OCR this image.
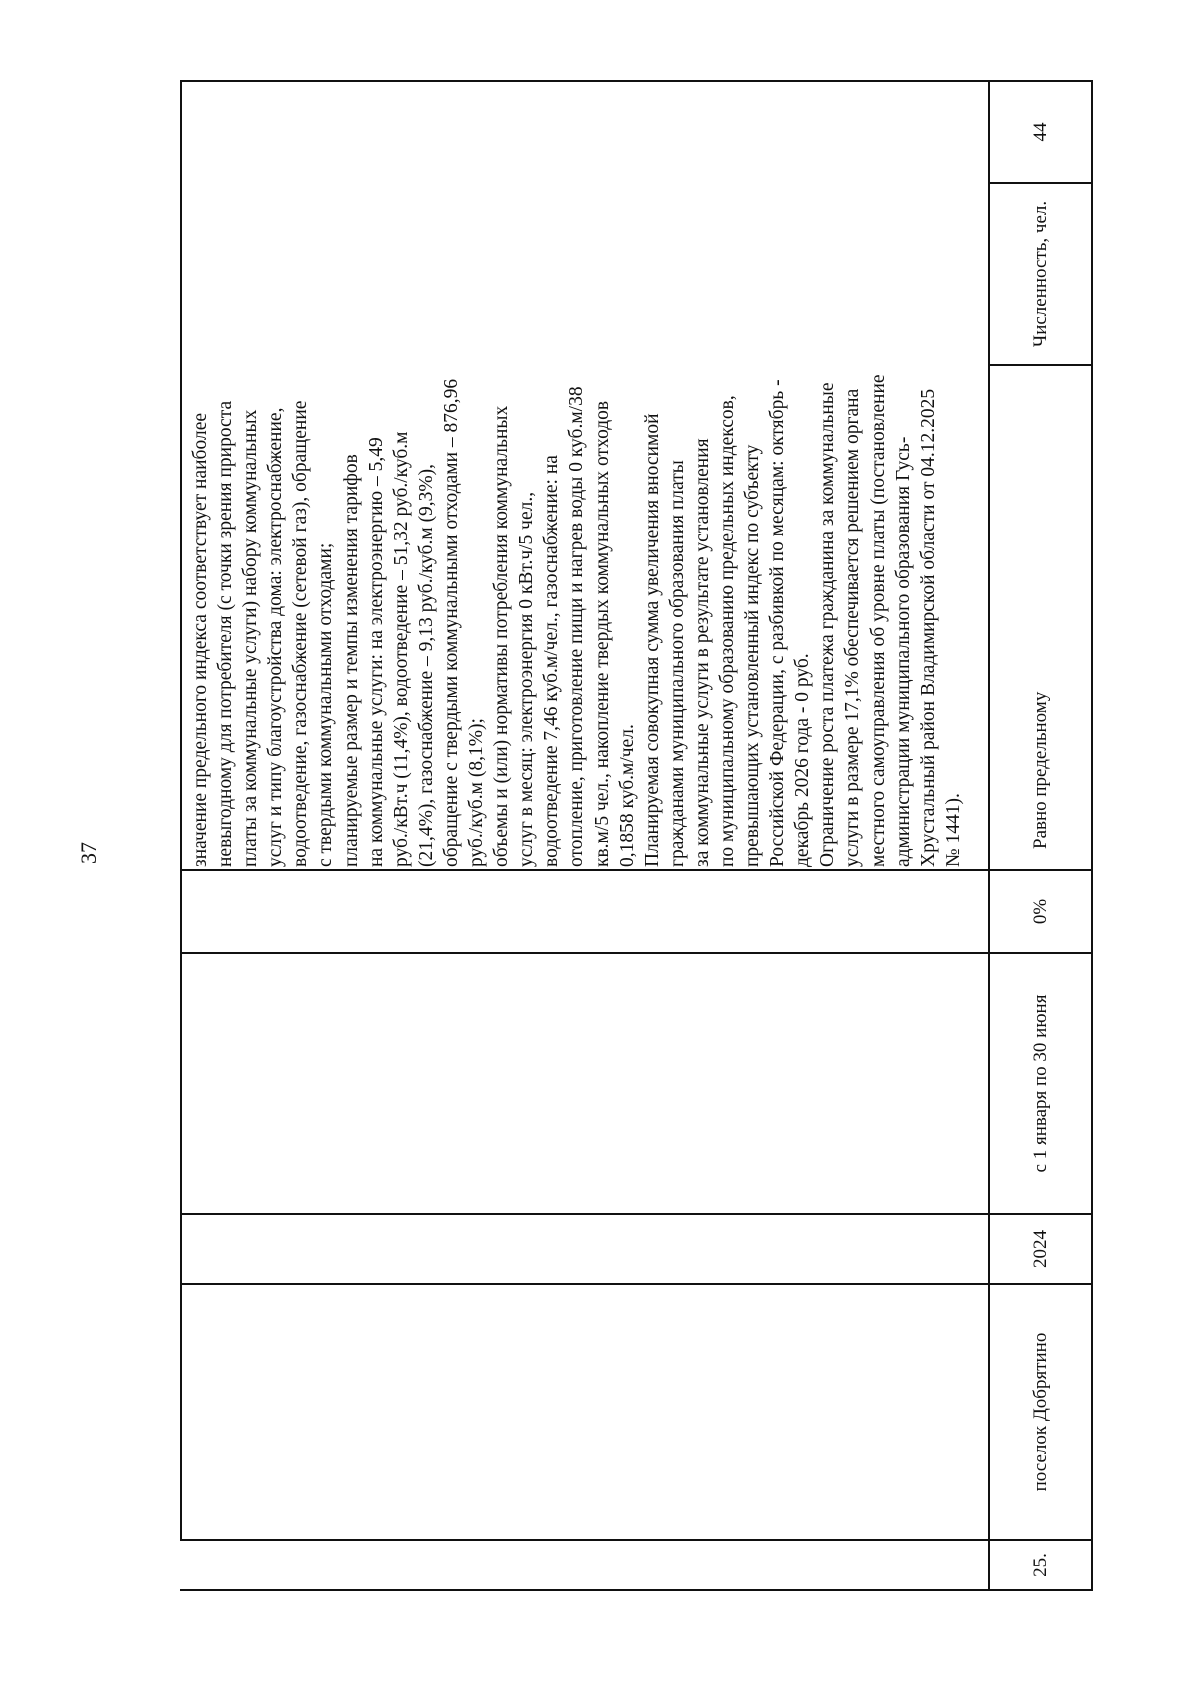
37
25.
поселок Добрятино
2024
с 1 января по 30 июня
0%
Равно предельному
Численность, чел.
44
значение предельного индекса соответствует наиболее невыгодному для потребителя (с точки зрения прироста платы за коммунальные услуги) набору коммунальных услуг и типу благоустройства дома: электроснабжение, водоотведение, газоснабжение (сетевой газ), обращение с твердыми коммунальными отходами; планируемые размер и темпы изменения тарифов на коммунальные услуги: на электроэнергию – 5,49 руб./кВт.ч (11,4%), водоотведение – 51,32 руб./куб.м (21,4%), газоснабжение – 9,13 руб./куб.м (9,3%), обращение с твердыми коммунальными отходами – 876,96 руб./куб.м (8,1%); объемы и (или) нормативы потребления коммунальных услуг в месяц: электроэнергия 0 кВт.ч/5 чел., водоотведение 7,46 куб.м/чел., газоснабжение: на отопление, приготовление пищи и нагрев воды 0 куб.м/38 кв.м/5 чел., накопление твердых коммунальных отходов 0,1858 куб.м/чел. Планируемая совокупная сумма увеличения вносимой гражданами муниципального образования платы за коммунальные услуги в результате установления по муниципальному образованию предельных индексов, превышающих установленный индекс по субъекту Российской Федерации, с разбивкой по месяцам: октябрь - декабрь 2026 года - 0 руб. Ограничение роста платежа гражданина за коммунальные услуги в размере 17,1% обеспечивается решением органа местного самоуправления об уровне платы (постановление администрации муниципального образования Гусь- Хрустальный район Владимирской области от 04.12.2025 № 1441).
